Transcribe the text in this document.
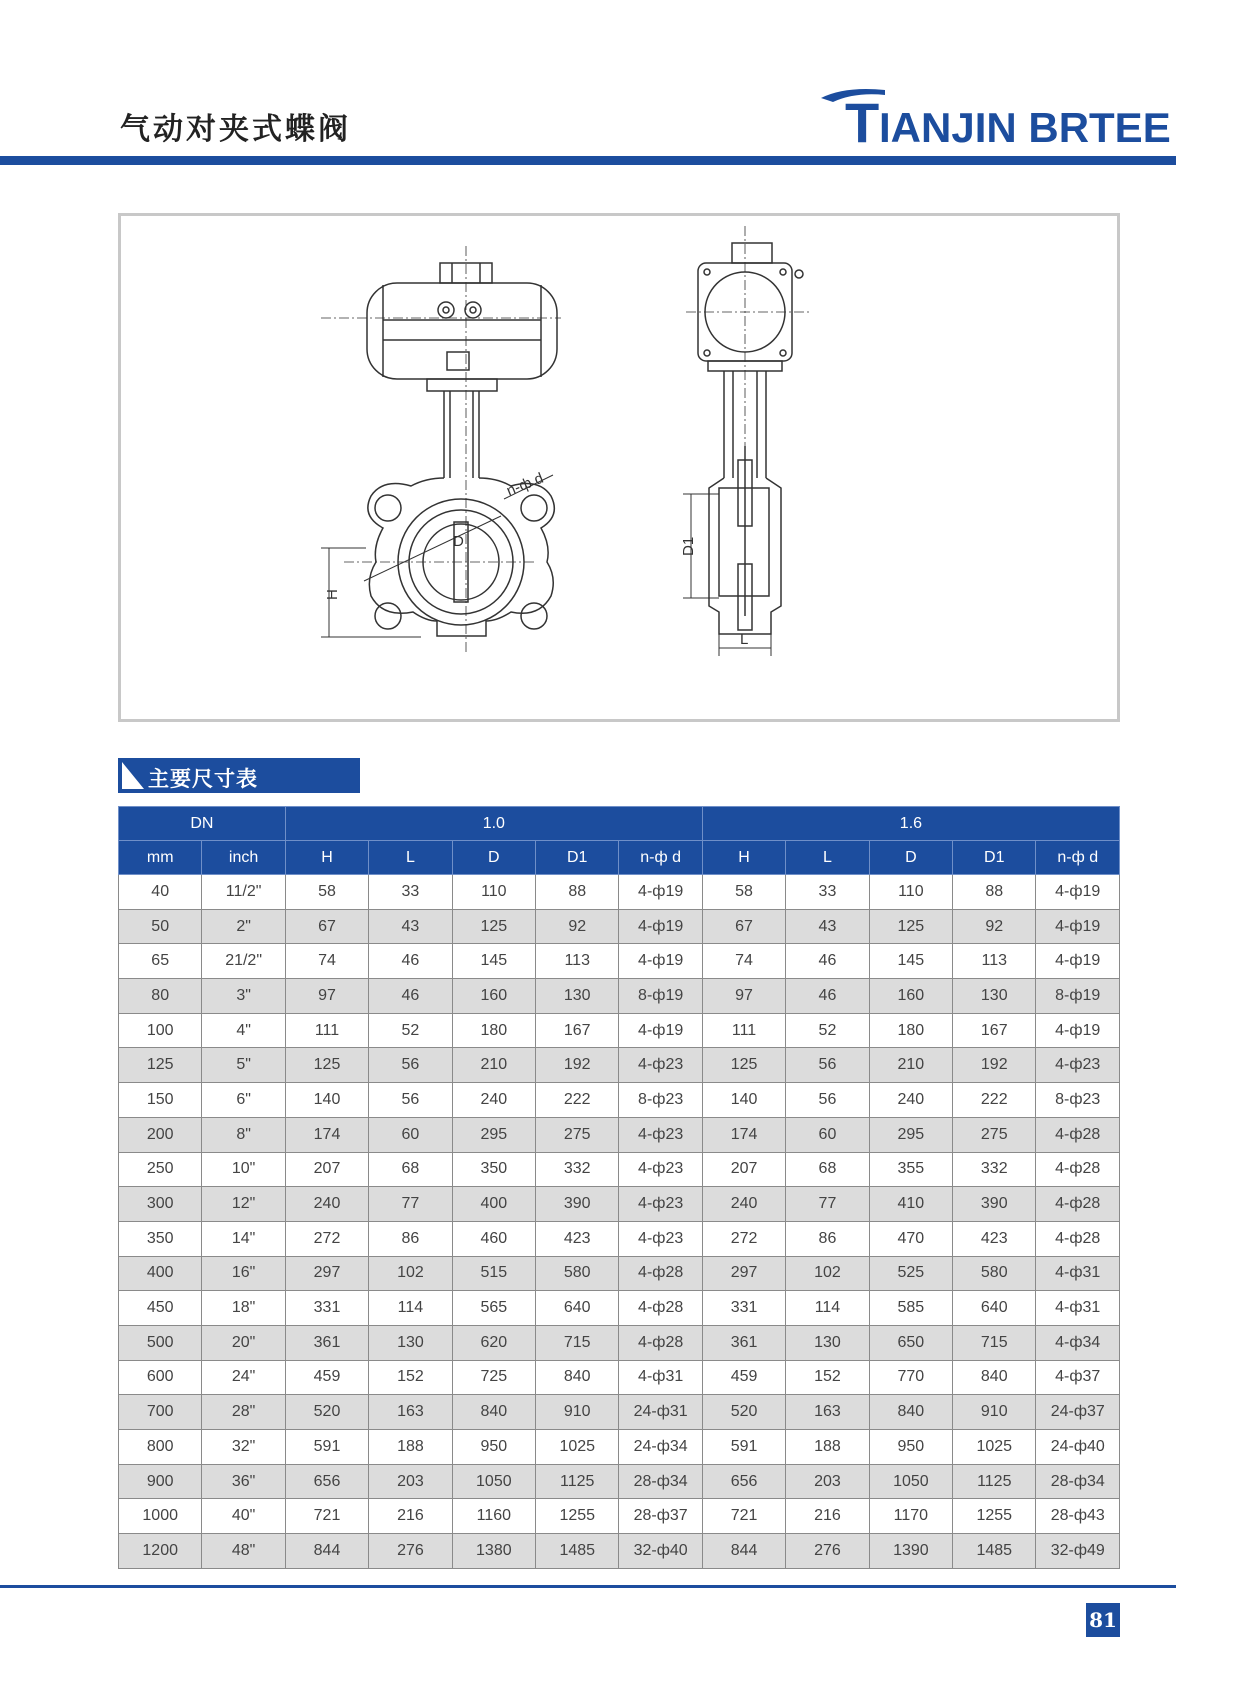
气动对夹式蝶阀	T IANJIN BRTEE
n-ф d
D
H
D1
L
主要尺寸表
DN		1.0					1.6				
mm	inch	H	L	D	D1	n-ф d	H	L	D	D1	n-ф d
40	11/2"	58	33	110	88	4-ф19	58	33	110	88	4-ф19
50	2"	67	43	125	92	4-ф19	67	43	125	92	4-ф19
65	21/2"	74	46	145	113	4-ф19	74	46	145	113	4-ф19
80	3"	97	46	160	130	8-ф19	97	46	160	130	8-ф19
100	4"	111	52	180	167	4-ф19	111	52	180	167	4-ф19
125	5"	125	56	210	192	4-ф23	125	56	210	192	4-ф23
150	6"	140	56	240	222	8-ф23	140	56	240	222	8-ф23
200	8"	174	60	295	275	4-ф23	174	60	295	275	4-ф28
250	10"	207	68	350	332	4-ф23	207	68	355	332	4-ф28
300	12"	240	77	400	390	4-ф23	240	77	410	390	4-ф28
350	14"	272	86	460	423	4-ф23	272	86	470	423	4-ф28
400	16"	297	102	515	580	4-ф28	297	102	525	580	4-ф31
450	18"	331	114	565	640	4-ф28	331	114	585	640	4-ф31
500	20"	361	130	620	715	4-ф28	361	130	650	715	4-ф34
600	24"	459	152	725	840	4-ф31	459	152	770	840	4-ф37
700	28"	520	163	840	910	24-ф31	520	163	840	910	24-ф37
800	32"	591	188	950	1025	24-ф34	591	188	950	1025	24-ф40
900	36"	656	203	1050	1125	28-ф34	656	203	1050	1125	28-ф34
1000	40"	721	216	1160	1255	28-ф37	721	216	1170	1255	28-ф43
1200	48"	844	276	1380	1485	32-ф40	844	276	1390	1485	32-ф49
81
